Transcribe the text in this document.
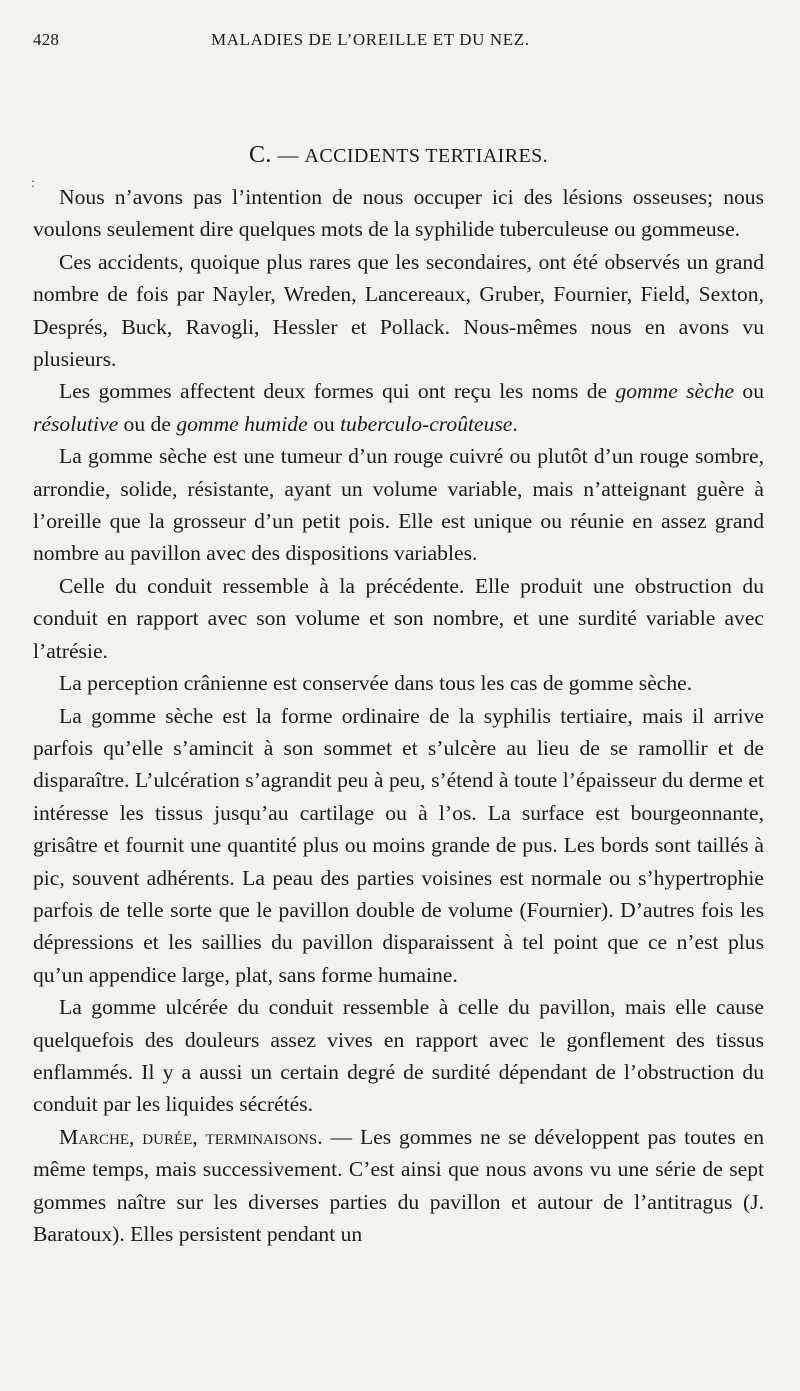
428	MALADIES DE L’OREILLE ET DU NEZ.
:
C. — ACCIDENTS TERTIAIRES.

Nous n’avons pas l’intention de nous occuper ici des lésions osseuses; nous voulons seulement dire quelques mots de la syphilide tuberculeuse ou gommeuse.

Ces accidents, quoique plus rares que les secondaires, ont été observés un grand nombre de fois par Nayler, Wreden, Lancereaux, Gruber, Fournier, Field, Sexton, Després, Buck, Ravogli, Hessler et Pollack. Nous-mêmes nous en avons vu plusieurs.

Les gommes affectent deux formes qui ont reçu les noms de gomme sèche ou résolutive ou de gomme humide ou tuberculo-croûteuse.

La gomme sèche est une tumeur d’un rouge cuivré ou plutôt d’un rouge sombre, arrondie, solide, résistante, ayant un volume variable, mais n’atteignant guère à l’oreille que la grosseur d’un petit pois. Elle est unique ou réunie en assez grand nombre au pavillon avec des dispositions variables.

Celle du conduit ressemble à la précédente. Elle produit une obstruction du conduit en rapport avec son volume et son nombre, et une surdité variable avec l’atrésie.

La perception crânienne est conservée dans tous les cas de gomme sèche.

La gomme sèche est la forme ordinaire de la syphilis tertiaire, mais il arrive parfois qu’elle s’amincit à son sommet et s’ulcère au lieu de se ramollir et de disparaître. L’ulcération s’agrandit peu à peu, s’étend à toute l’épaisseur du derme et intéresse les tissus jusqu’au cartilage ou à l’os. La surface est bourgeonnante, grisâtre et fournit une quantité plus ou moins grande de pus. Les bords sont taillés à pic, souvent adhérents. La peau des parties voisines est normale ou s’hypertrophie parfois de telle sorte que le pavillon double de volume (Fournier). D’autres fois les dépressions et les saillies du pavillon disparaissent à tel point que ce n’est plus qu’un appendice large, plat, sans forme humaine.

La gomme ulcérée du conduit ressemble à celle du pavillon, mais elle cause quelquefois des douleurs assez vives en rapport avec le gonflement des tissus enflammés. Il y a aussi un certain degré de surdité dépendant de l’obstruction du conduit par les liquides sécrétés.

Marche, durée, terminaisons. — Les gommes ne se développent pas toutes en même temps, mais successivement. C’est ainsi que nous avons vu une série de sept gommes naître sur les diverses parties du pavillon et autour de l’antitragus (J. Baratoux). Elles persistent pendant un
